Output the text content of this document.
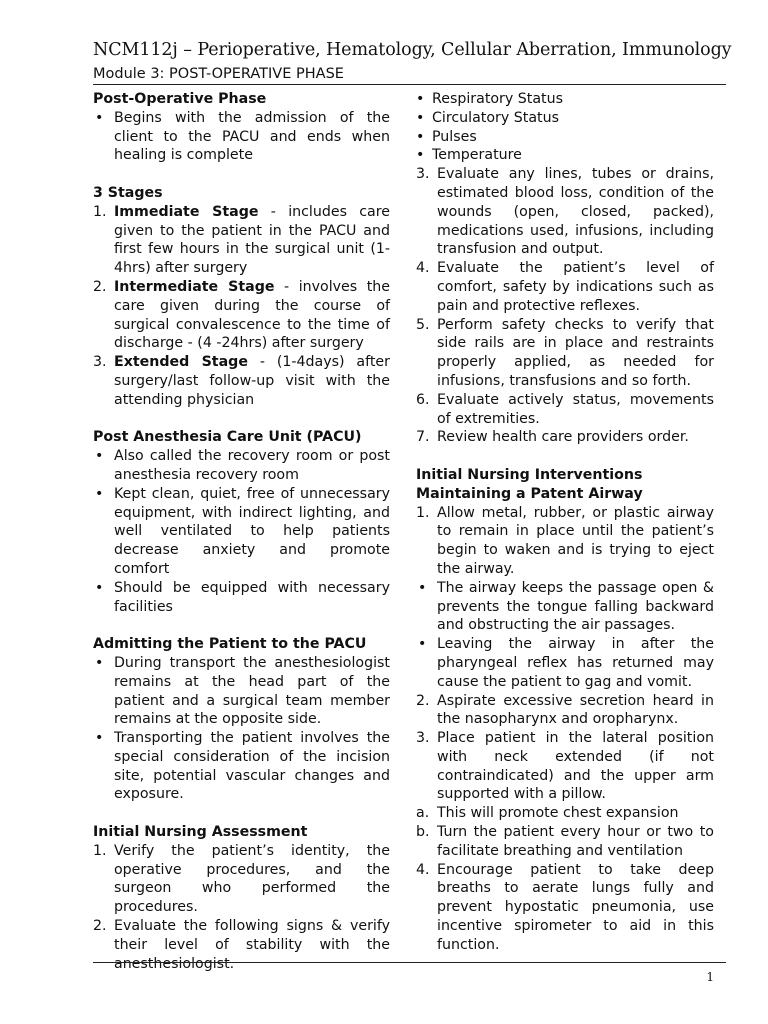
NCM112j – Perioperative, Hematology, Cellular Aberration, Immunology
Module 3: POST-OPERATIVE PHASE

Post-Operative Phase

• Begins with the admission of the client to the PACU and ends when healing is complete

3 Stages

1. Immediate Stage - includes care given to the patient in the PACU and first few hours in the surgical unit (1-4hrs) after surgery
2. Intermediate Stage - involves the care given during the course of surgical convalescence to the time of discharge - (4 -24hrs) after surgery
3. Extended Stage - (1-4days) after surgery/last follow-up visit with the attending physician

Post Anesthesia Care Unit (PACU)

• Also called the recovery room or post anesthesia recovery room
• Kept clean, quiet, free of unnecessary equipment, with indirect lighting, and well ventilated to help patients decrease anxiety and promote comfort
• Should be equipped with necessary facilities

Admitting the Patient to the PACU

• During transport the anesthesiologist remains at the head part of the patient and a surgical team member remains at the opposite side.
• Transporting the patient involves the special consideration of the incision site, potential vascular changes and exposure.

Initial Nursing Assessment

1. Verify the patient’s identity, the operative procedures, and the surgeon who performed the procedures.
2. Evaluate the following signs & verify their level of stability with the anesthesiologist.
• Respiratory Status
• Circulatory Status
• Pulses
• Temperature
3. Evaluate any lines, tubes or drains, estimated blood loss, condition of the wounds (open, closed, packed), medications used, infusions, including transfusion and output.
4. Evaluate the patient’s level of comfort, safety by indications such as pain and protective reflexes.
5. Perform safety checks to verify that side rails are in place and restraints properly applied, as needed for infusions, transfusions and so forth.
6. Evaluate actively status, movements of extremities.
7. Review health care providers order.

Initial Nursing Interventions

Maintaining a Patent Airway

1. Allow metal, rubber, or plastic airway to remain in place until the patient’s begin to waken and is trying to eject the airway.
• The airway keeps the passage open & prevents the tongue falling backward and obstructing the air passages.
• Leaving the airway in after the pharyngeal reflex has returned may cause the patient to gag and vomit.
2. Aspirate excessive secretion heard in the nasopharynx and oropharynx.
3. Place patient in the lateral position with neck extended (if not contraindicated) and the upper arm supported with a pillow.
a. This will promote chest expansion
b. Turn the patient every hour or two to facilitate breathing and ventilation
4. Encourage patient to take deep breaths to aerate lungs fully and prevent hypostatic pneumonia, use incentive spirometer to aid in this function.
1
